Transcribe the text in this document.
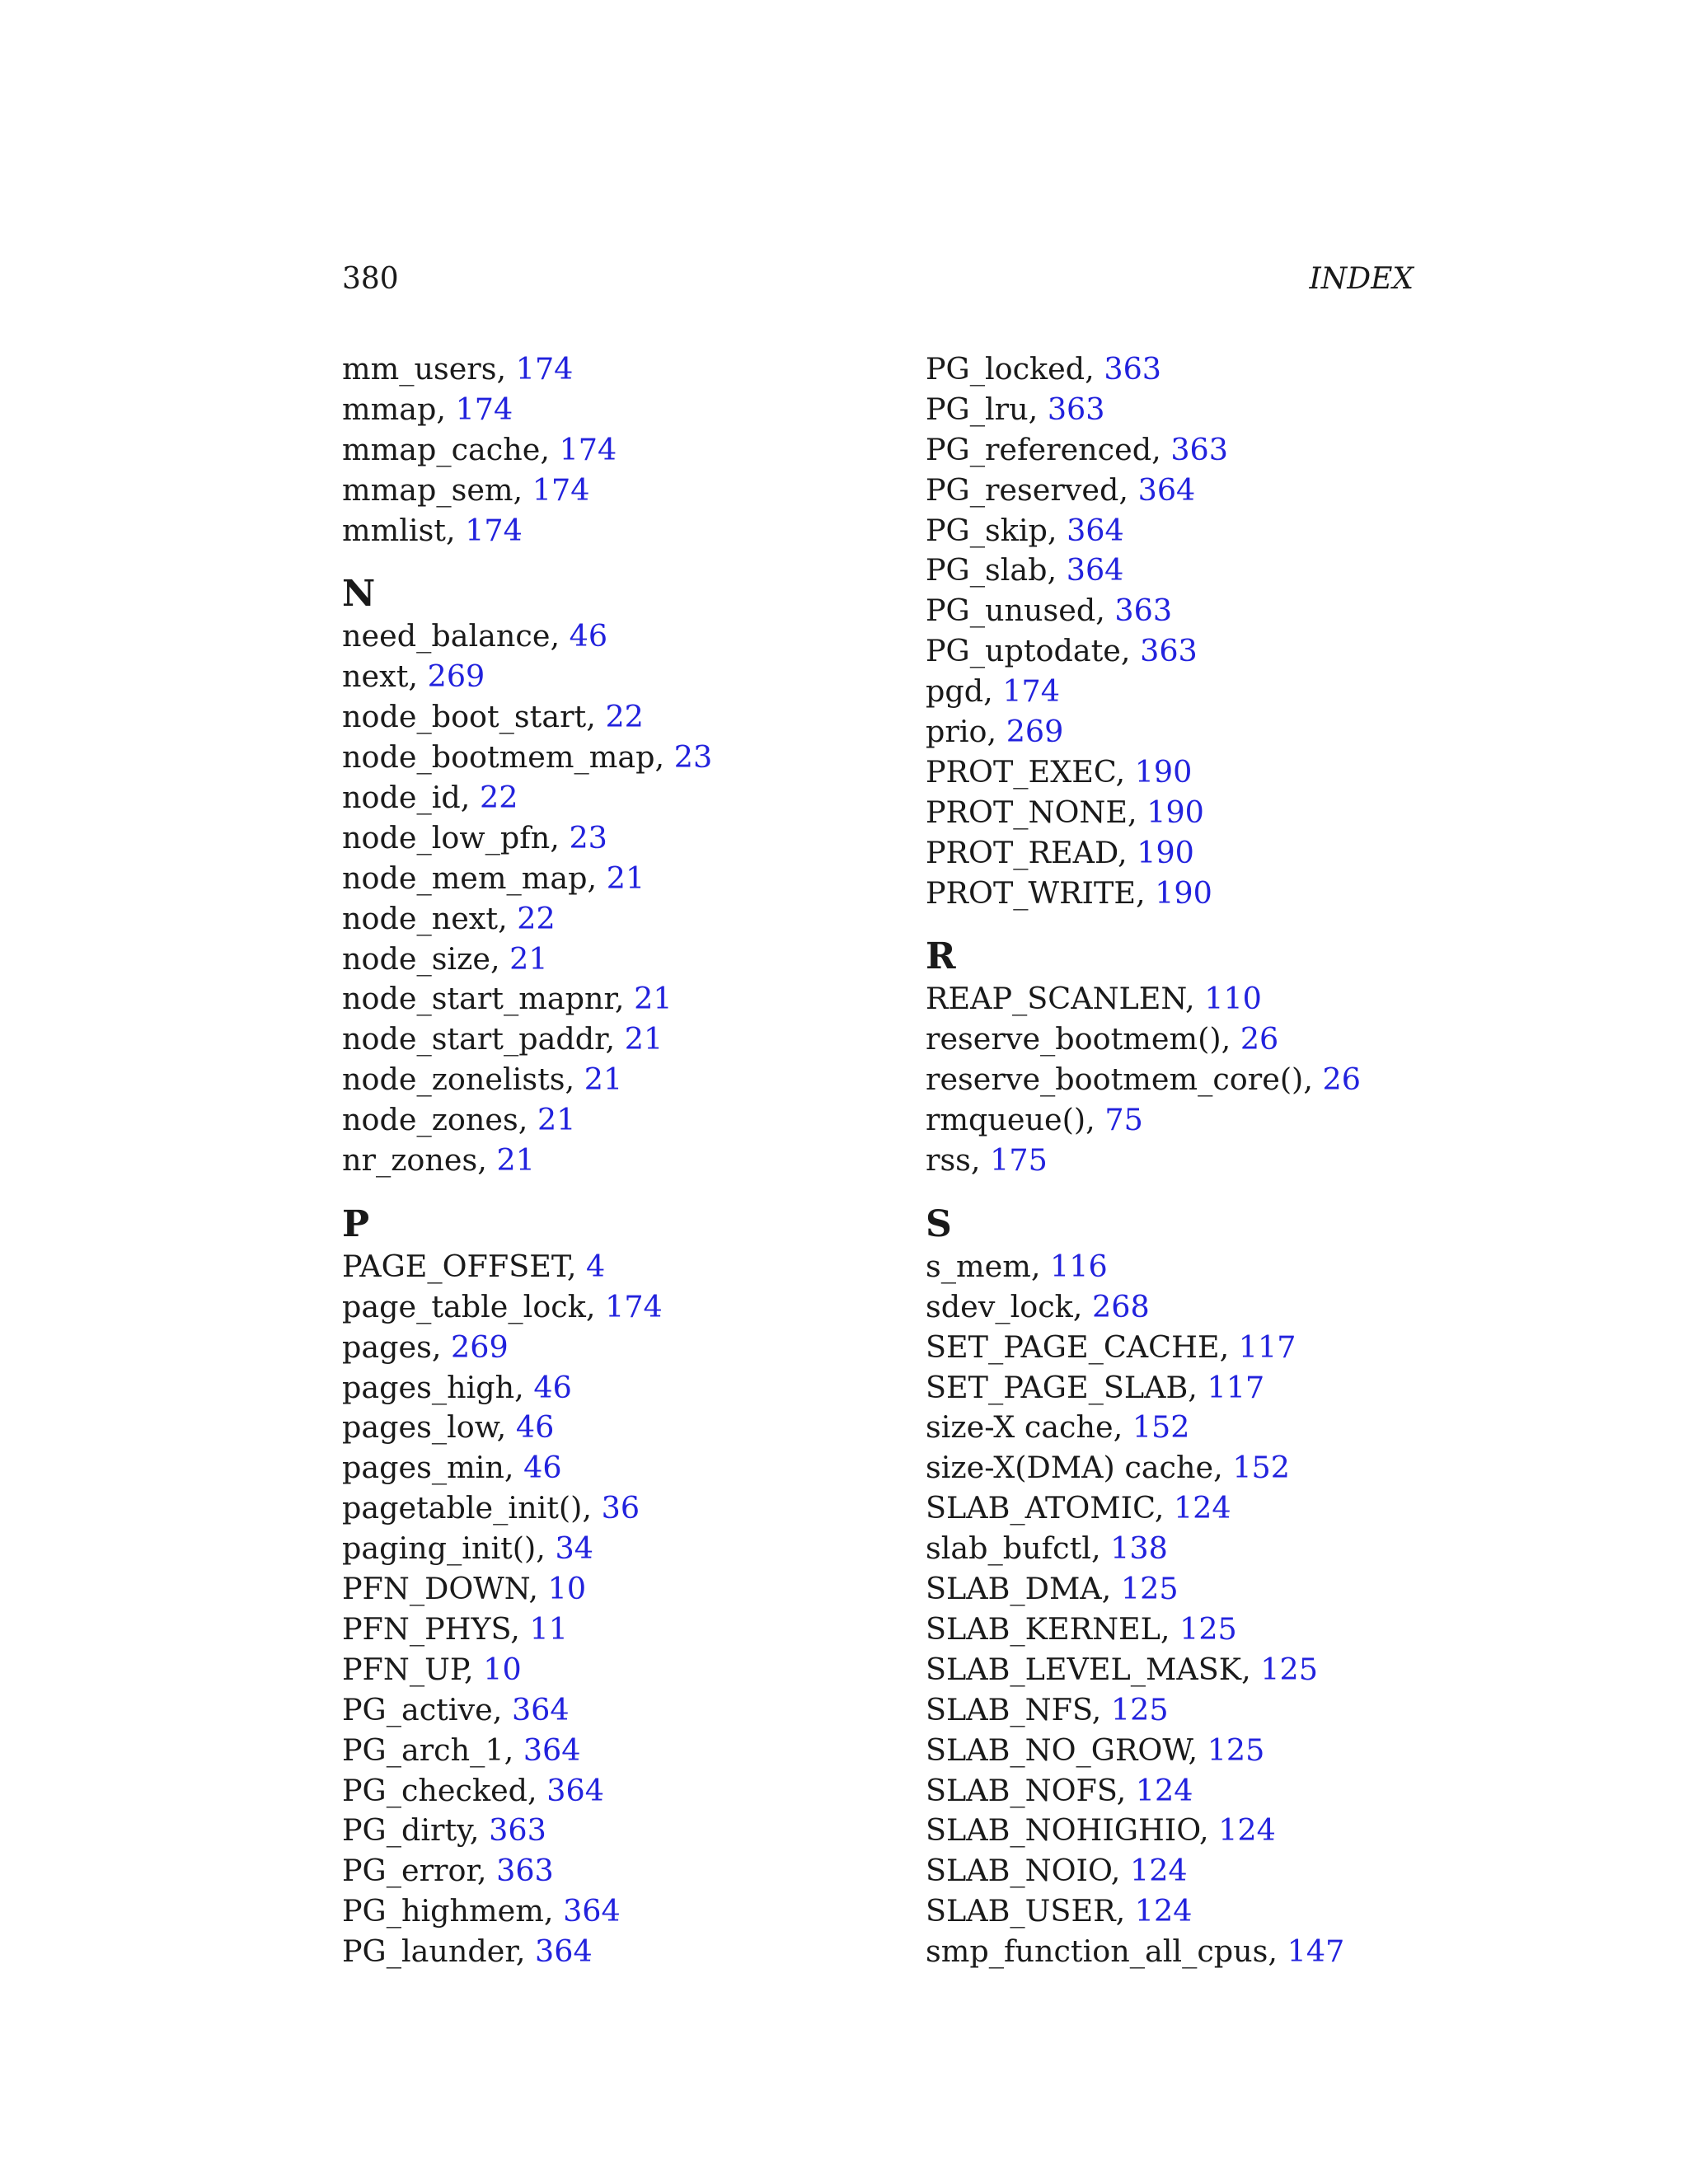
380	INDEX
mm_users, 174
mmap, 174
mmap_cache, 174
mmap_sem, 174
mmlist, 174
N
need_balance, 46
next, 269
node_boot_start, 22
node_bootmem_map, 23
node_id, 22
node_low_pfn, 23
node_mem_map, 21
node_next, 22
node_size, 21
node_start_mapnr, 21
node_start_paddr, 21
node_zonelists, 21
node_zones, 21
nr_zones, 21
P
PAGE_OFFSET, 4
page_table_lock, 174
pages, 269
pages_high, 46
pages_low, 46
pages_min, 46
pagetable_init(), 36
paging_init(), 34
PFN_DOWN, 10
PFN_PHYS, 11
PFN_UP, 10
PG_active, 364
PG_arch_1, 364
PG_checked, 364
PG_dirty, 363
PG_error, 363
PG_highmem, 364
PG_launder, 364
PG_locked, 363
PG_lru, 363
PG_referenced, 363
PG_reserved, 364
PG_skip, 364
PG_slab, 364
PG_unused, 363
PG_uptodate, 363
pgd, 174
prio, 269
PROT_EXEC, 190
PROT_NONE, 190
PROT_READ, 190
PROT_WRITE, 190
R
REAP_SCANLEN, 110
reserve_bootmem(), 26
reserve_bootmem_core(), 26
rmqueue(), 75
rss, 175
S
s_mem, 116
sdev_lock, 268
SET_PAGE_CACHE, 117
SET_PAGE_SLAB, 117
size-X cache, 152
size-X(DMA) cache, 152
SLAB_ATOMIC, 124
slab_bufctl, 138
SLAB_DMA, 125
SLAB_KERNEL, 125
SLAB_LEVEL_MASK, 125
SLAB_NFS, 125
SLAB_NO_GROW, 125
SLAB_NOFS, 124
SLAB_NOHIGHIO, 124
SLAB_NOIO, 124
SLAB_USER, 124
smp_function_all_cpus, 147
